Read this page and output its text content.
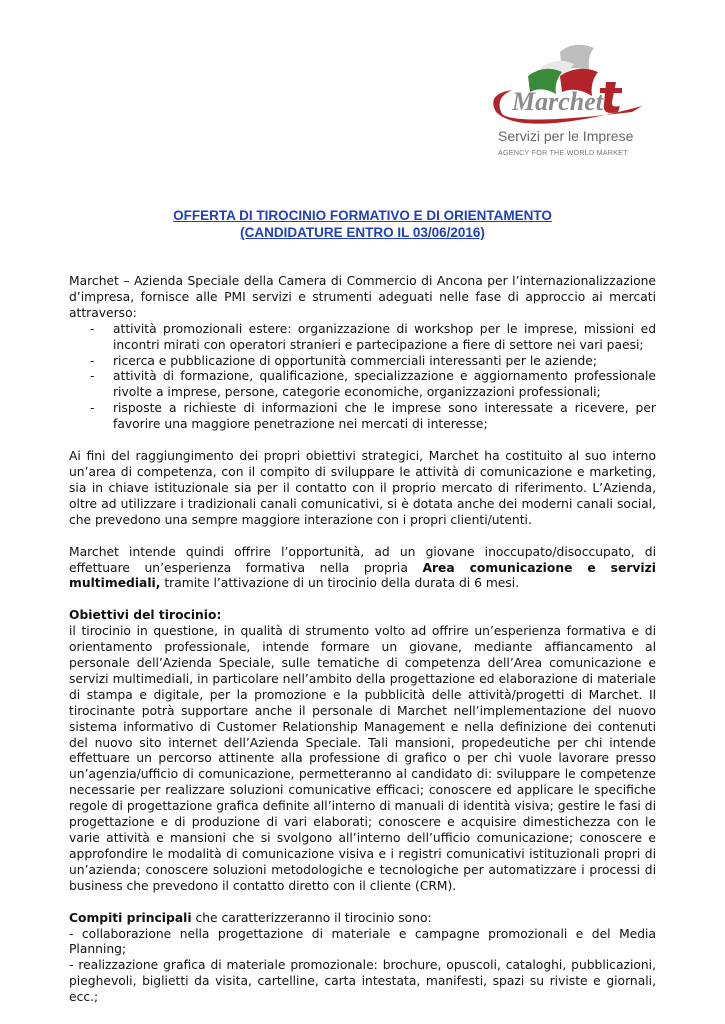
Marchet
Servizi per le Imprese
AGENCY FOR THE WORLD MARKET
OFFERTA DI TIROCINIO FORMATIVO E DI ORIENTAMENTO
(CANDIDATURE ENTRO IL 03/06/2016)

Marchet – Azienda Speciale della Camera di Commercio di Ancona per l’internazionalizzazione d’impresa, fornisce alle PMI servizi e strumenti adeguati nelle fase di approccio ai mercati attraverso:

- attività promozionali estere: organizzazione di workshop per le imprese, missioni ed incontri mirati con operatori stranieri e partecipazione a fiere di settore nei vari paesi;
- ricerca e pubblicazione di opportunità commerciali interessanti per le aziende;
- attività di formazione, qualificazione, specializzazione e aggiornamento professionale rivolte a imprese, persone, categorie economiche, organizzazioni professionali;
- risposte a richieste di informazioni che le imprese sono interessate a ricevere, per favorire una maggiore penetrazione nei mercati di interesse;

Ai fini del raggiungimento dei propri obiettivi strategici, Marchet ha costituito al suo interno un’area di competenza, con il compito di sviluppare le attività di comunicazione e marketing, sia in chiave istituzionale sia per il contatto con il proprio mercato di riferimento. L’Azienda, oltre ad utilizzare i tradizionali canali comunicativi, si è dotata anche dei moderni canali social, che prevedono una sempre maggiore interazione con i propri clienti/utenti.

Marchet intende quindi offrire l’opportunità, ad un giovane inoccupato/disoccupato, di effettuare un’esperienza formativa nella propria Area comunicazione e servizi multimediali, tramite l’attivazione di un tirocinio della durata di 6 mesi.

Obiettivi del tirocinio:

il tirocinio in questione, in qualità di strumento volto ad offrire un’esperienza formativa e di orientamento professionale, intende formare un giovane, mediante affiancamento al personale dell’Azienda Speciale, sulle tematiche di competenza dell’Area comunicazione e servizi multimediali, in particolare nell’ambito della progettazione ed elaborazione di materiale di stampa e digitale, per la promozione e la pubblicità delle attività/progetti di Marchet. Il tirocinante potrà supportare anche il personale di Marchet nell’implementazione del nuovo sistema informativo di Customer Relationship Management e nella definizione dei contenuti del nuovo sito internet dell’Azienda Speciale. Tali mansioni, propedeutiche per chi intende effettuare un percorso attinente alla professione di grafico o per chi vuole lavorare presso un’agenzia/ufficio di comunicazione, permetteranno al candidato di: sviluppare le competenze necessarie per realizzare soluzioni comunicative efficaci; conoscere ed applicare le specifiche regole di progettazione grafica definite all’interno di manuali di identità visiva; gestire le fasi di progettazione e di produzione di vari elaborati; conoscere e acquisire dimestichezza con le varie attività e mansioni che si svolgono all’interno dell’ufficio comunicazione; conoscere e approfondire le modalità di comunicazione visiva e i registri comunicativi istituzionali propri di un’azienda; conoscere soluzioni metodologiche e tecnologiche per automatizzare i processi di business che prevedono il contatto diretto con il cliente (CRM).

Compiti principali che caratterizzeranno il tirocinio sono:

- collaborazione nella progettazione di materiale e campagne promozionali e del Media Planning;

- realizzazione grafica di materiale promozionale: brochure, opuscoli, cataloghi, pubblicazioni, pieghevoli, biglietti da visita, cartelline, carta intestata, manifesti, spazi su riviste e giornali, ecc.;
